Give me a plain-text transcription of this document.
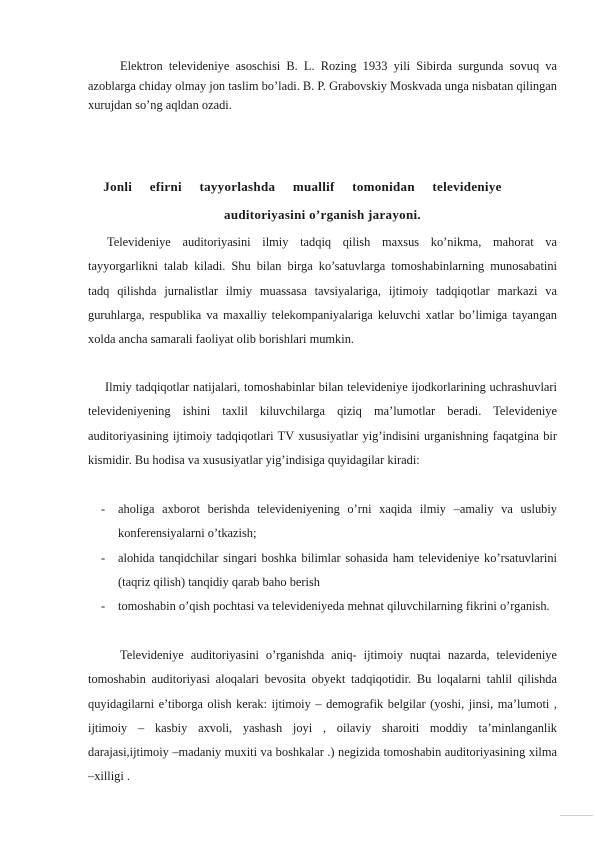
Elektron televideniye asoschisi B. L. Rozing 1933 yili Sibirda surgunda sovuq va azoblarga chiday olmay jon taslim bo’ladi. B. P. Grabovskiy Moskvada unga nisbatan qilingan xurujdan so’ng aqldan ozadi.

Jonli efirni tayyorlashda muallif tomonidan televideniye
auditoriyasini o’rganish jarayoni.

Televideniye auditoriyasini ilmiy tadqiq qilish maxsus ko’nikma, mahorat va tayyorgarlikni talab kiladi. Shu bilan birga ko’satuvlarga tomoshabinlarning munosabatini tadq qilishda jurnalistlar ilmiy muassasa tavsiyalariga, ijtimoiy tadqiqotlar markazi va guruhlarga, respublika va maxalliy telekompaniyalariga keluvchi xatlar bo’limiga tayangan xolda ancha samarali faoliyat olib borishlari mumkin.

Ilmiy tadqiqotlar natijalari, tomoshabinlar bilan televideniye ijodkorlarining uchrashuvlari televideniyening ishini taxlil kiluvchilarga qiziq ma’lumotlar beradi. Televideniye auditoriyasining ijtimoiy tadqiqotlari TV xususiyatlar yig’indisini urganishning faqatgina bir kismidir. Bu hodisa va xususiyatlar yig’indisiga quyidagilar kiradi:

- aholiga axborot berishda televideniyening o’rni xaqida ilmiy –amaliy va uslubiy konferensiyalarni o’tkazish;
- alohida tanqidchilar singari boshka bilimlar sohasida ham televideniye ko’rsatuvlarini (taqriz qilish) tanqidiy qarab baho berish
- tomoshabin o’qish pochtasi va televideniyeda mehnat qiluvchilarning fikrini o’rganish.

Televideniye auditoriyasini o’rganishda aniq- ijtimoiy nuqtai nazarda, televideniye tomoshabin auditoriyasi aloqalari bevosita obyekt tadqiqotidir. Bu loqalarni tahlil qilishda quyidagilarni e’tiborga olish kerak: ijtimoiy – demografik belgilar (yoshi, jinsi, ma’lumoti , ijtimoiy – kasbiy axvoli, yashash joyi , oilaviy sharoiti moddiy ta’minlanganlik darajasi,ijtimoiy –madaniy muxiti va boshkalar .) negizida tomoshabin auditoriyasining xilma –xilligi .
